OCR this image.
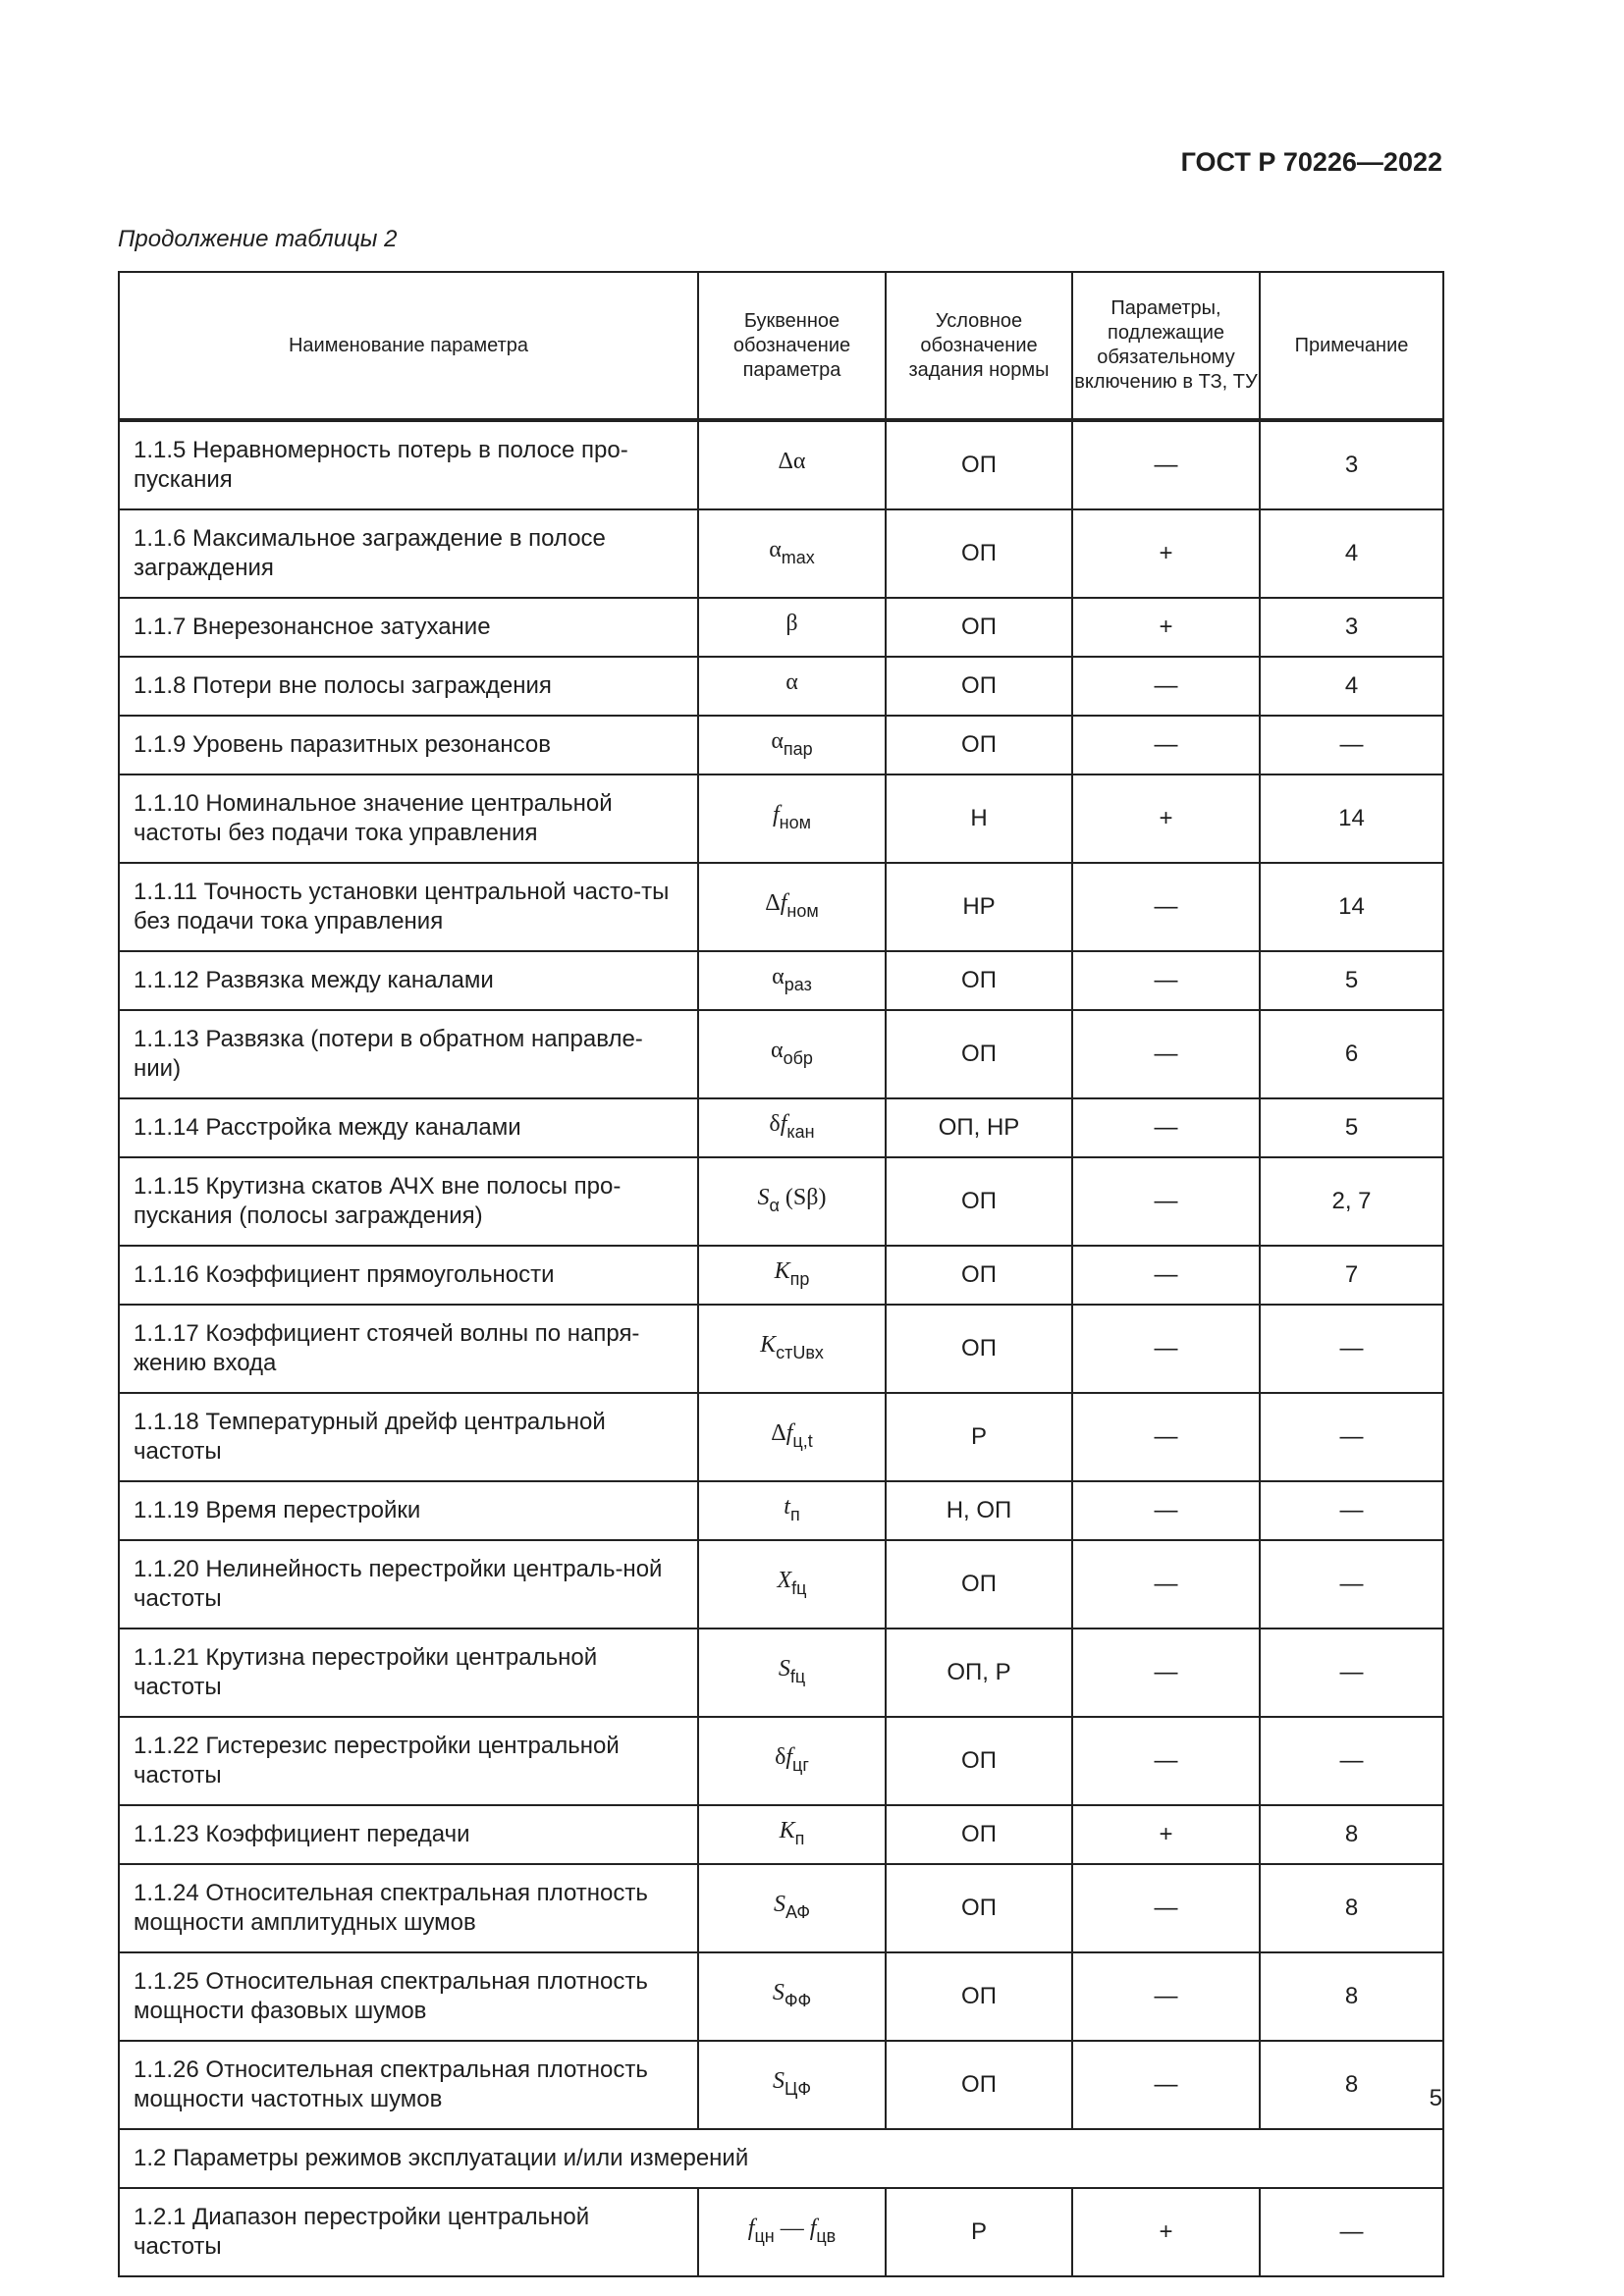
ГОСТ Р 70226—2022
Продолжение таблицы 2
Наименование параметра	Буквенное обозначение параметра	Условное обозначение задания нормы	Параметры, подлежащие обязательному включению в ТЗ, ТУ	Примечание
1.1.5 Неравномерность потерь в полосе про-пускания	Δα	ОП	—	3
1.1.6 Максимальное заграждение в полосе заграждения	$\alpha_{max}$	ОП	+	4
1.1.7 Внерезонансное затухание	β	ОП	+	3
1.1.8 Потери вне полосы заграждения	α	ОП	—	4
1.1.9 Уровень паразитных резонансов	$\alpha_{пар}$	ОП	—	—
1.1.10 Номинальное значение центральной частоты без подачи тока управления	$f_{ном}$	Н	+	14
1.1.11 Точность установки центральной часто-ты без подачи тока управления	$\Delta f_{ном}$	НР	—	14
1.1.12 Развязка между каналами	$\alpha_{раз}$	ОП	—	5
1.1.13 Развязка (потери в обратном направле-нии)	$\alpha_{обр}$	ОП	—	6
1.1.14 Расстройка между каналами	$\delta f_{кан}$	ОП, НР	—	5
1.1.15 Крутизна скатов АЧХ вне полосы про-пускания (полосы заграждения)	$S_\alpha$ (Sβ)	ОП	—	2, 7
1.1.16 Коэффициент прямоугольности	$K_{пр}$	ОП	—	7
1.1.17 Коэффициент стоячей волны по напря-жению входа	$K_{стUвх}$	ОП	—	—
1.1.18 Температурный дрейф центральной частоты	$\Delta f_{ц,t}$	Р	—	—
1.1.19 Время перестройки	$t_п$	Н, ОП	—	—
1.1.20 Нелинейность перестройки централь-ной частоты	$X_{fц}$	ОП	—	—
1.1.21 Крутизна перестройки центральной частоты	$S_{fц}$	ОП, Р	—	—
1.1.22 Гистерезис перестройки центральной частоты	$\delta f_{цг}$	ОП	—	—
1.1.23 Коэффициент передачи	$K_п$	ОП	+	8
1.1.24 Относительная спектральная плотность мощности амплитудных шумов	$S_{АФ}$	ОП	—	8
1.1.25 Относительная спектральная плотность мощности фазовых шумов	$S_{ФФ}$	ОП	—	8
1.1.26 Относительная спектральная плотность мощности частотных шумов	$S_{ЦФ}$	ОП	—	8
1.2 Параметры режимов эксплуатации и/или измерений				
1.2.1 Диапазон перестройки центральной частоты	$f_{цн}$ — $f_{цв}$	Р	+	—
5
